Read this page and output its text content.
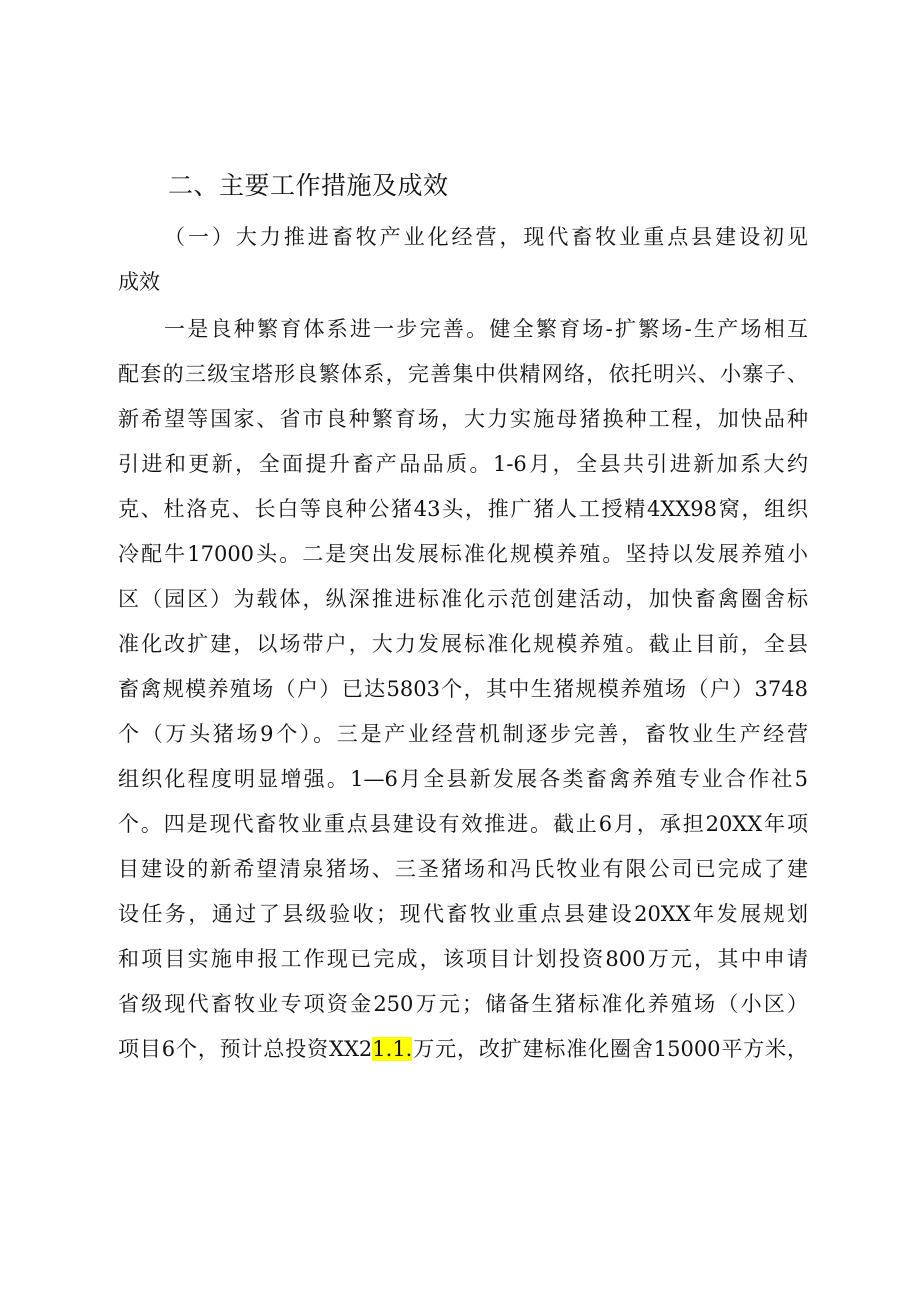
二、主要工作措施及成效
（一）大力推进畜牧产业化经营，现代畜牧业重点县建设初见
成效
一是良种繁育体系进一步完善。健全繁育场-扩繁场-生产场相互
配套的三级宝塔形良繁体系，完善集中供精网络，依托明兴、小寨子、
新希望等国家、省市良种繁育场，大力实施母猪换种工程，加快品种
引进和更新，全面提升畜产品品质。1-6月，全县共引进新加系大约
克、杜洛克、长白等良种公猪43头，推广猪人工授精4XX98窝，组织
冷配牛17000头。二是突出发展标准化规模养殖。坚持以发展养殖小
区（园区）为载体，纵深推进标准化示范创建活动，加快畜禽圈舍标
准化改扩建，以场带户，大力发展标准化规模养殖。截止目前，全县
畜禽规模养殖场（户）已达5803个，其中生猪规模养殖场（户）3748
个（万头猪场9个）。三是产业经营机制逐步完善，畜牧业生产经营
组织化程度明显增强。1—6月全县新发展各类畜禽养殖专业合作社5
个。四是现代畜牧业重点县建设有效推进。截止6月，承担20XX年项
目建设的新希望清泉猪场、三圣猪场和冯氏牧业有限公司已完成了建
设任务，通过了县级验收；现代畜牧业重点县建设20XX年发展规划
和项目实施申报工作现已完成，该项目计划投资800万元，其中申请
省级现代畜牧业专项资金250万元；储备生猪标准化养殖场（小区）
项目6个，预计总投资XX21.1.万元，改扩建标准化圈舍15000平方米，
